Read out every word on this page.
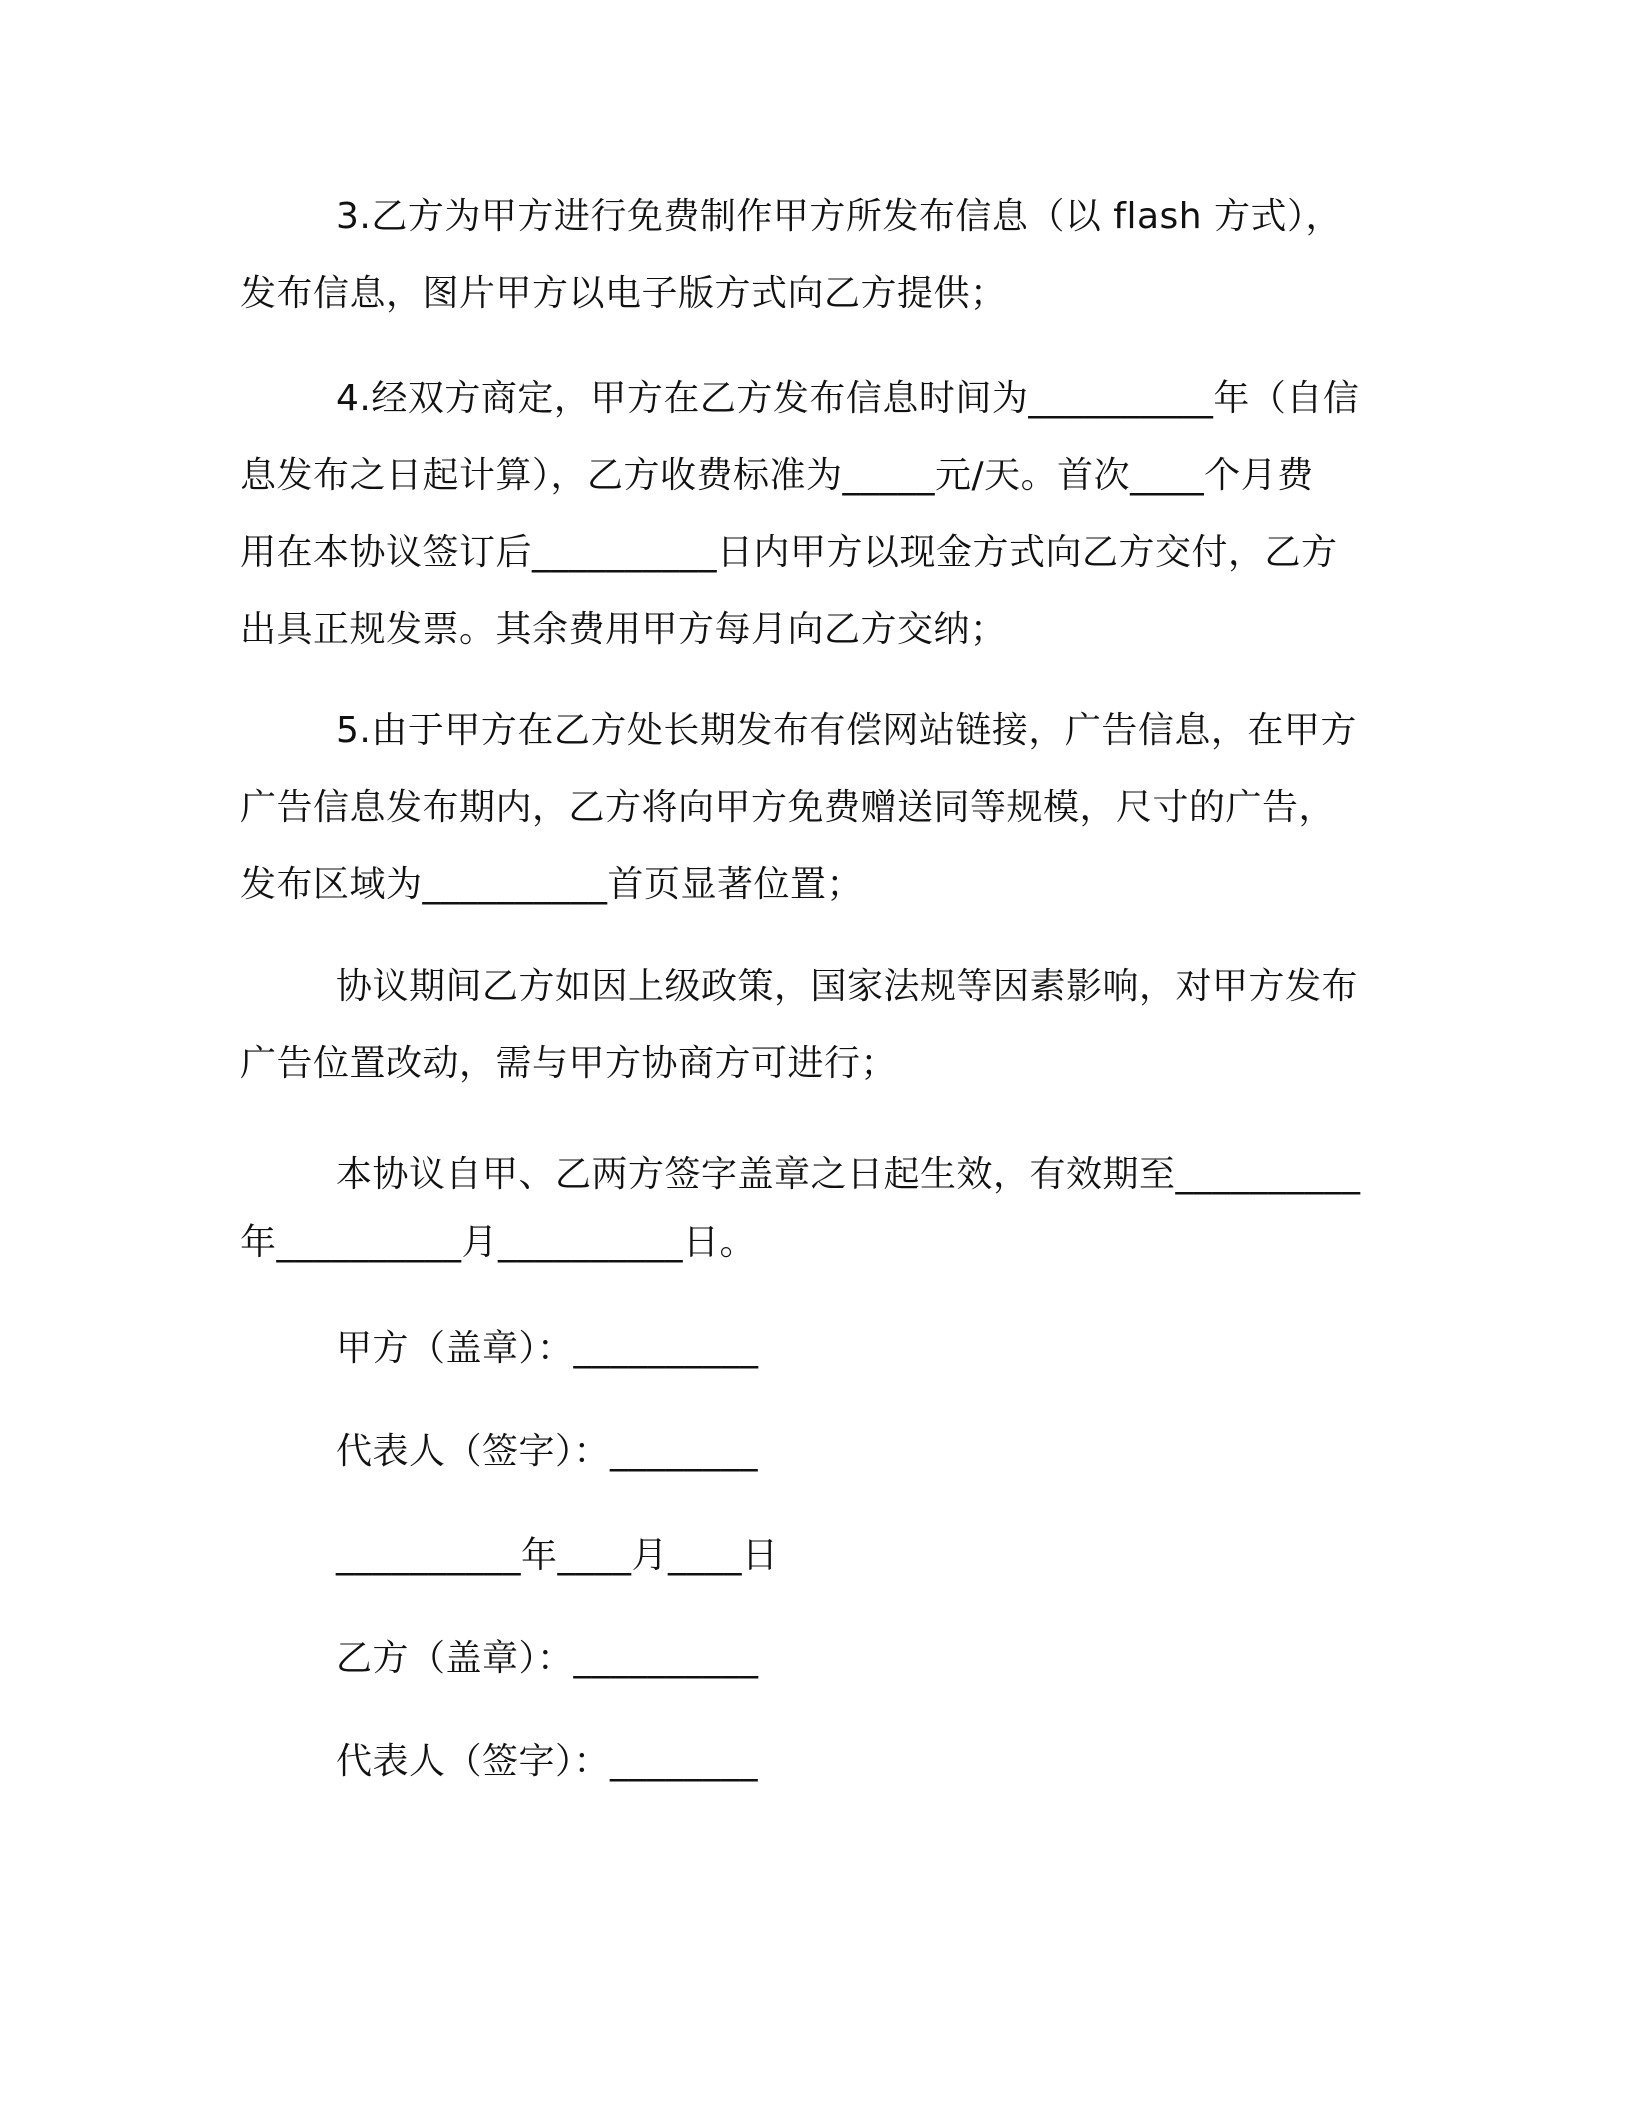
3.乙方为甲方进行免费制作甲方所发布信息（以 flash 方式），
发布信息，图片甲方以电子版方式向乙方提供；
4.经双方商定，甲方在乙方发布信息时间为__________年（自信
息发布之日起计算），乙方收费标准为_____元/天。首次____个月费
用在本协议签订后__________日内甲方以现金方式向乙方交付，乙方
出具正规发票。其余费用甲方每月向乙方交纳；
5.由于甲方在乙方处长期发布有偿网站链接，广告信息，在甲方
广告信息发布期内，乙方将向甲方免费赠送同等规模，尺寸的广告，
发布区域为__________首页显著位置；
协议期间乙方如因上级政策，国家法规等因素影响，对甲方发布
广告位置改动，需与甲方协商方可进行；
本协议自甲、乙两方签字盖章之日起生效，有效期至__________
年__________月__________日。
甲方（盖章）：__________
代表人（签字）：________
__________年____月____日
乙方（盖章）：__________
代表人（签字）：________
